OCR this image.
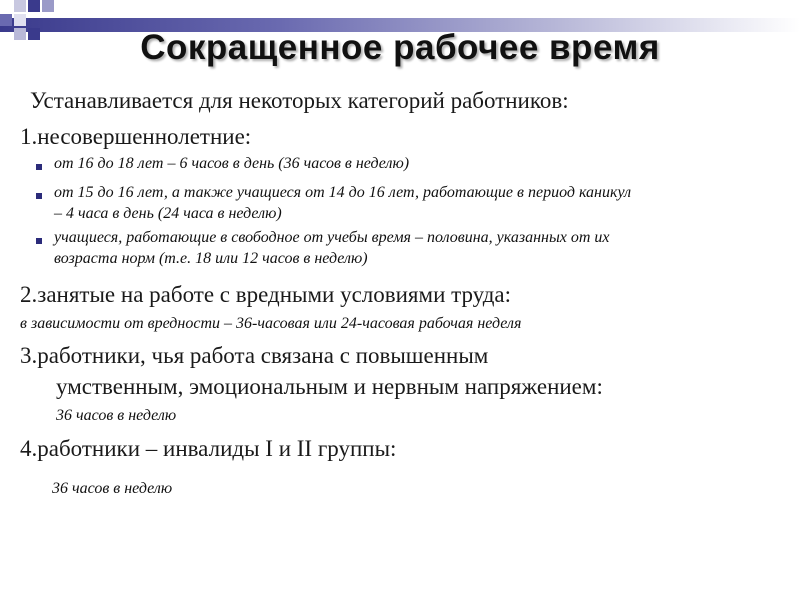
Сокращенное рабочее время
Устанавливается для некоторых категорий работников:
1.несовершеннолетние:
от 16 до 18 лет – 6 часов в день (36 часов в неделю)
от 15 до 16 лет, а также учащиеся от 14 до 16 лет, работающие в период каникул
– 4 часа в день (24 часа в неделю)
учащиеся, работающие в свободное от учебы время – половина, указанных от их
возраста норм (т.е. 18 или 12 часов в неделю)
2.занятые на работе с вредными условиями труда:
в зависимости от вредности – 36-часовая или 24-часовая рабочая неделя
3.работники, чья работа связана с повышенным
умственным, эмоциональным и нервным напряжением:
36 часов в неделю
4.работники – инвалиды I и II группы:
36 часов в неделю
